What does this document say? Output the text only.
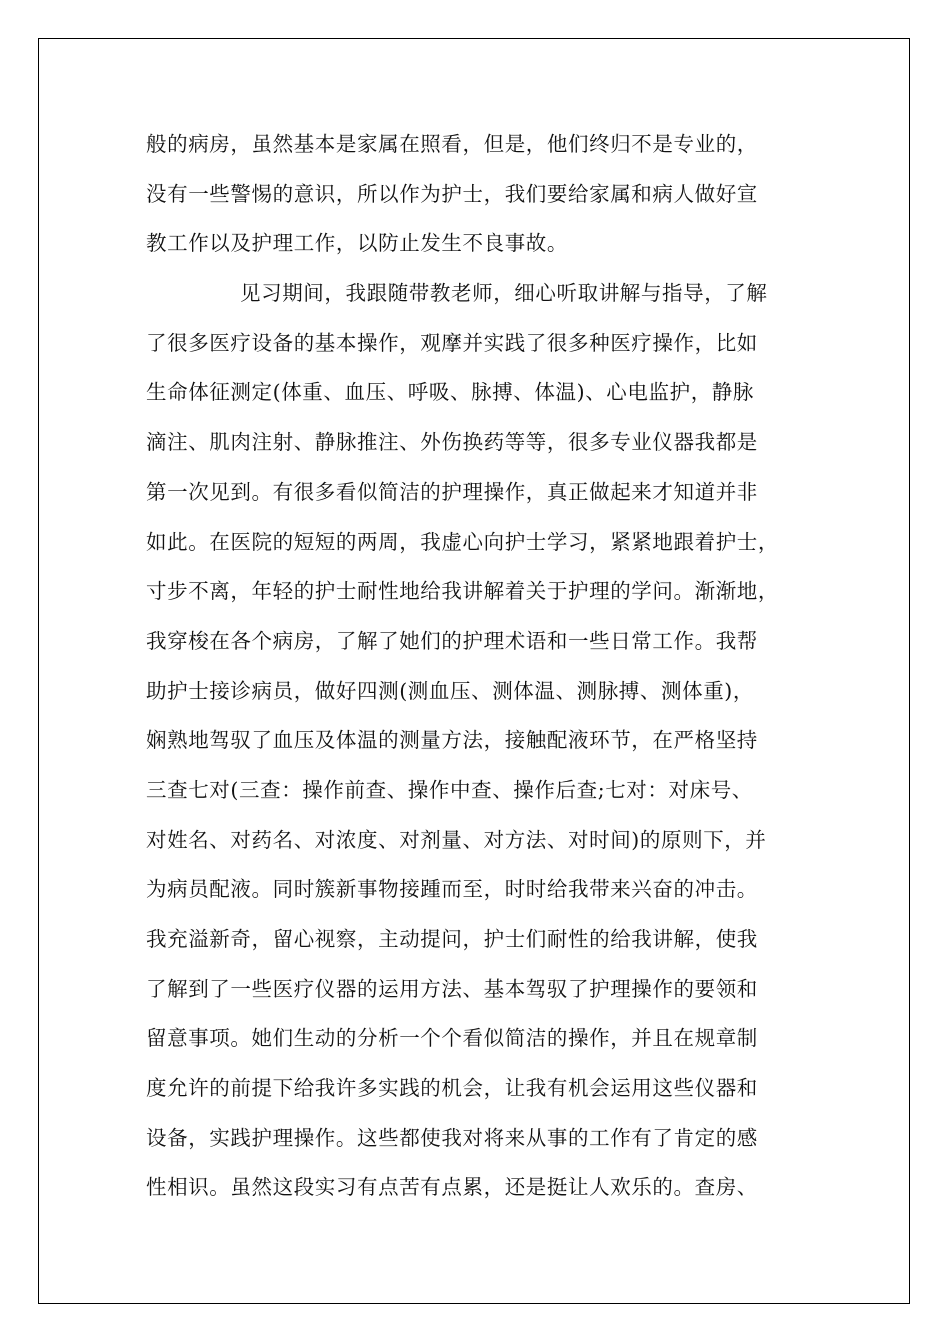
般的病房，虽然基本是家属在照看，但是，他们终归不是专业的，
没有一些警惕的意识，所以作为护士，我们要给家属和病人做好宣
教工作以及护理工作，以防止发生不良事故。
见习期间，我跟随带教老师，细心听取讲解与指导，了解
了很多医疗设备的基本操作，观摩并实践了很多种医疗操作，比如
生命体征测定(体重、血压、呼吸、脉搏、体温)、心电监护，静脉
滴注、肌肉注射、静脉推注、外伤换药等等，很多专业仪器我都是
第一次见到。有很多看似简洁的护理操作，真正做起来才知道并非
如此。在医院的短短的两周，我虚心向护士学习，紧紧地跟着护士，
寸步不离，年轻的护士耐性地给我讲解着关于护理的学问。渐渐地，
我穿梭在各个病房，了解了她们的护理术语和一些日常工作。我帮
助护士接诊病员，做好四测(测血压、测体温、测脉搏、测体重)，
娴熟地驾驭了血压及体温的测量方法，接触配液环节，在严格坚持
三查七对(三查：操作前查、操作中查、操作后查;七对：对床号、
对姓名、对药名、对浓度、对剂量、对方法、对时间)的原则下，并
为病员配液。同时簇新事物接踵而至，时时给我带来兴奋的冲击。
我充溢新奇，留心视察，主动提问，护士们耐性的给我讲解，使我
了解到了一些医疗仪器的运用方法、基本驾驭了护理操作的要领和
留意事项。她们生动的分析一个个看似简洁的操作，并且在规章制
度允许的前提下给我许多实践的机会，让我有机会运用这些仪器和
设备，实践护理操作。这些都使我对将来从事的工作有了肯定的感
性相识。虽然这段实习有点苦有点累，还是挺让人欢乐的。查房、
